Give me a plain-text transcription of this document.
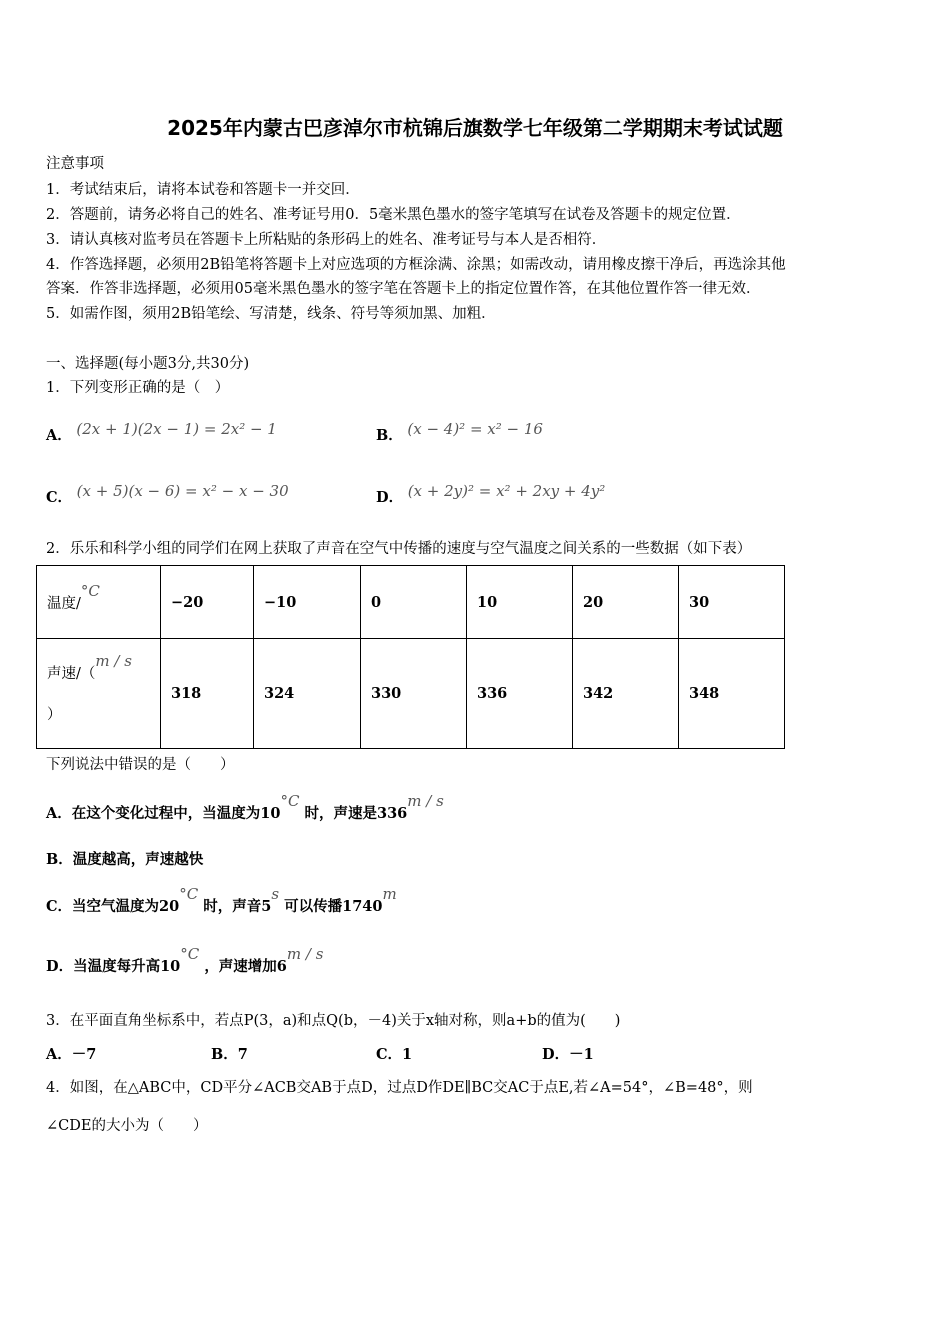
2025年内蒙古巴彦淖尔市杭锦后旗数学七年级第二学期期末考试试题
注意事项
1．考试结束后，请将本试卷和答题卡一并交回．
2．答题前，请务必将自己的姓名、准考证号用0．5毫米黑色墨水的签字笔填写在试卷及答题卡的规定位置．
3．请认真核对监考员在答题卡上所粘贴的条形码上的姓名、准考证号与本人是否相符．
4．作答选择题，必须用2B铅笔将答题卡上对应选项的方框涂满、涂黑；如需改动，请用橡皮擦干净后，再选涂其他
答案．作答非选择题，必须用05毫米黑色墨水的签字笔在答题卡上的指定位置作答，在其他位置作答一律无效．
5．如需作图，须用2B铅笔绘、写清楚，线条、符号等须加黑、加粗．
一、选择题(每小题3分,共30分)
1．下列变形正确的是（　）
A． (2x + 1)(2x − 1) = 2x² − 1	B． (x − 4)² = x² − 16
C． (x + 5)(x − 6) = x² − x − 30	D． (x + 2y)² = x² + 2xy + 4y²
2．乐乐和科学小组的同学们在网上获取了声音在空气中传播的速度与空气温度之间关系的一些数据（如下表）
温度/°C	−20	−10	0	10	20	30

声速/（m / s
）	318	324	330	336	342	348
下列说法中错误的是（　　）
A．在这个变化过程中，当温度为10°C 时，声速是336m / s
B．温度越高，声速越快
C．当空气温度为20°C 时，声音5s 可以传播1740m
D．当温度每升高10°C ，声速增加6m / s
3．在平面直角坐标系中，若点P(3，a)和点Q(b，－4)关于x轴对称，则a+b的值为(　　)
A．－7	B．7	C．1	D．－1
4．如图，在△ABC中，CD平分∠ACB交AB于点D，过点D作DE∥BC交AC于点E,若∠A=54°，∠B=48°，则
∠CDE的大小为（　　）
